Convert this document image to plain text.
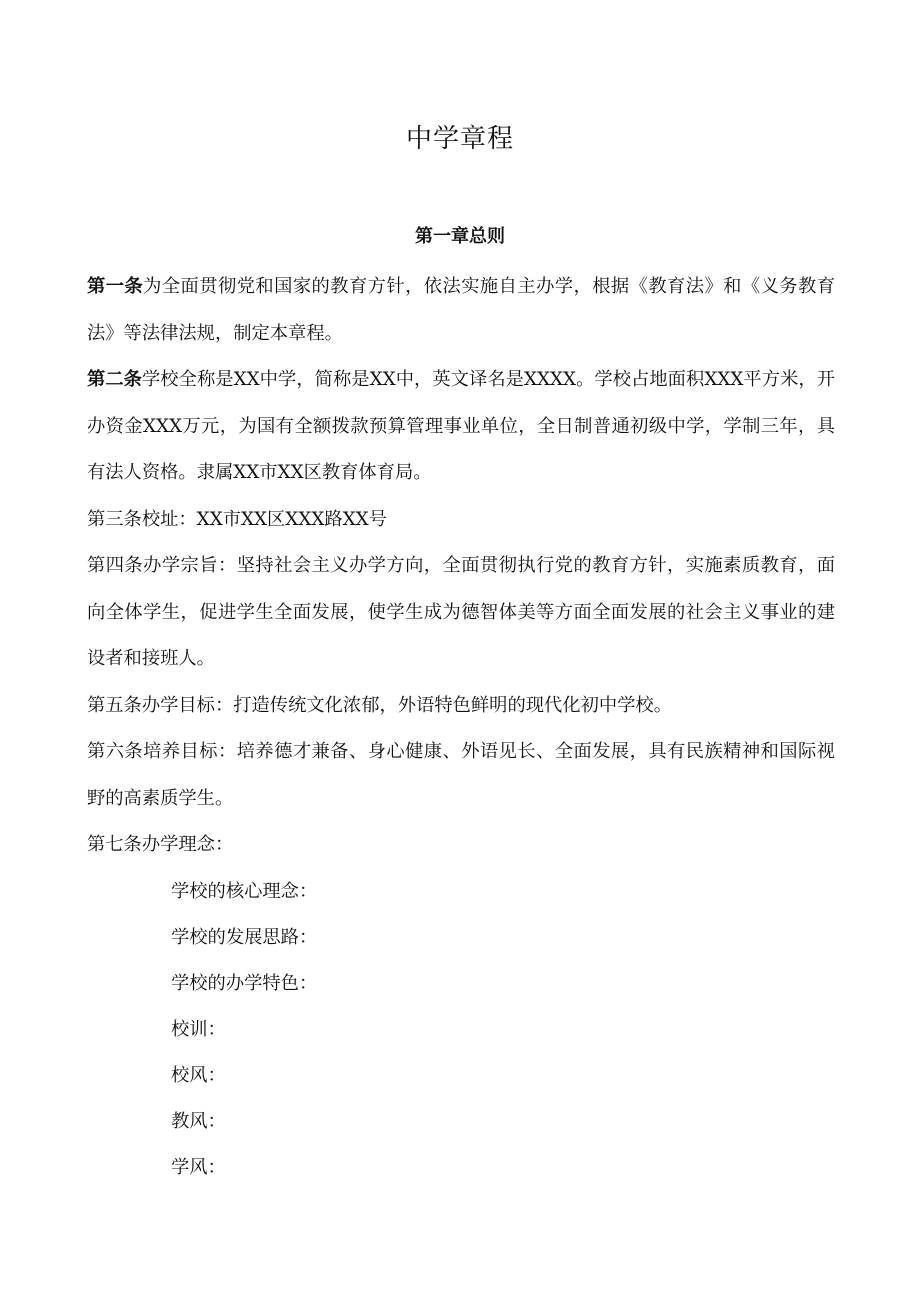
中学章程
第一章总则

第一条为全面贯彻党和国家的教育方针，依法实施自主办学，根据《教育法》和《义务教育法》等法律法规，制定本章程。

第二条学校全称是XX中学，简称是XX中，英文译名是XXXX。学校占地面积XXX平方米，开办资金XXX万元，为国有全额拨款预算管理事业单位，全日制普通初级中学，学制三年，具有法人资格。隶属XX市XX区教育体育局。

第三条校址：XX市XX区XXX路XX号

第四条办学宗旨：坚持社会主义办学方向，全面贯彻执行党的教育方针，实施素质教育，面向全体学生，促进学生全面发展，使学生成为德智体美等方面全面发展的社会主义事业的建设者和接班人。

第五条办学目标：打造传统文化浓郁，外语特色鲜明的现代化初中学校。

第六条培养目标：培养德才兼备、身心健康、外语见长、全面发展，具有民族精神和国际视野的高素质学生。

第七条办学理念：

学校的核心理念：

学校的发展思路：

学校的办学特色：

校训：

校风：

教风：

学风：
